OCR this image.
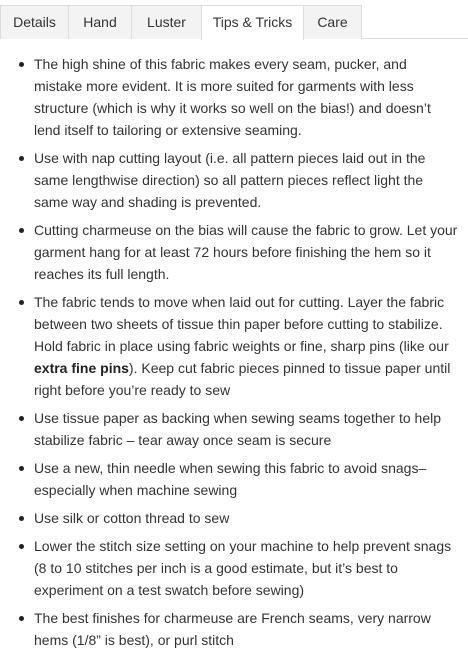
Details	Hand	Luster	Tips & Tricks	Care
The high shine of this fabric makes every seam, pucker, and mistake more evident. It is more suited for garments with less structure (which is why it works so well on the bias!) and doesn’t lend itself to tailoring or extensive seaming.
Use with nap cutting layout (i.e. all pattern pieces laid out in the same lengthwise direction) so all pattern pieces reflect light the same way and shading is prevented.
Cutting charmeuse on the bias will cause the fabric to grow. Let your garment hang for at least 72 hours before finishing the hem so it reaches its full length.
The fabric tends to move when laid out for cutting. Layer the fabric between two sheets of tissue thin paper before cutting to stabilize. Hold fabric in place using fabric weights or fine, sharp pins (like our extra fine pins). Keep cut fabric pieces pinned to tissue paper until right before you’re ready to sew
Use tissue paper as backing when sewing seams together to help stabilize fabric – tear away once seam is secure
Use a new, thin needle when sewing this fabric to avoid snags–especially when machine sewing
Use silk or cotton thread to sew
Lower the stitch size setting on your machine to help prevent snags (8 to 10 stitches per inch is a good estimate, but it’s best to experiment on a test swatch before sewing)
The best finishes for charmeuse are French seams, very narrow hems (1/8” is best), or purl stitch
